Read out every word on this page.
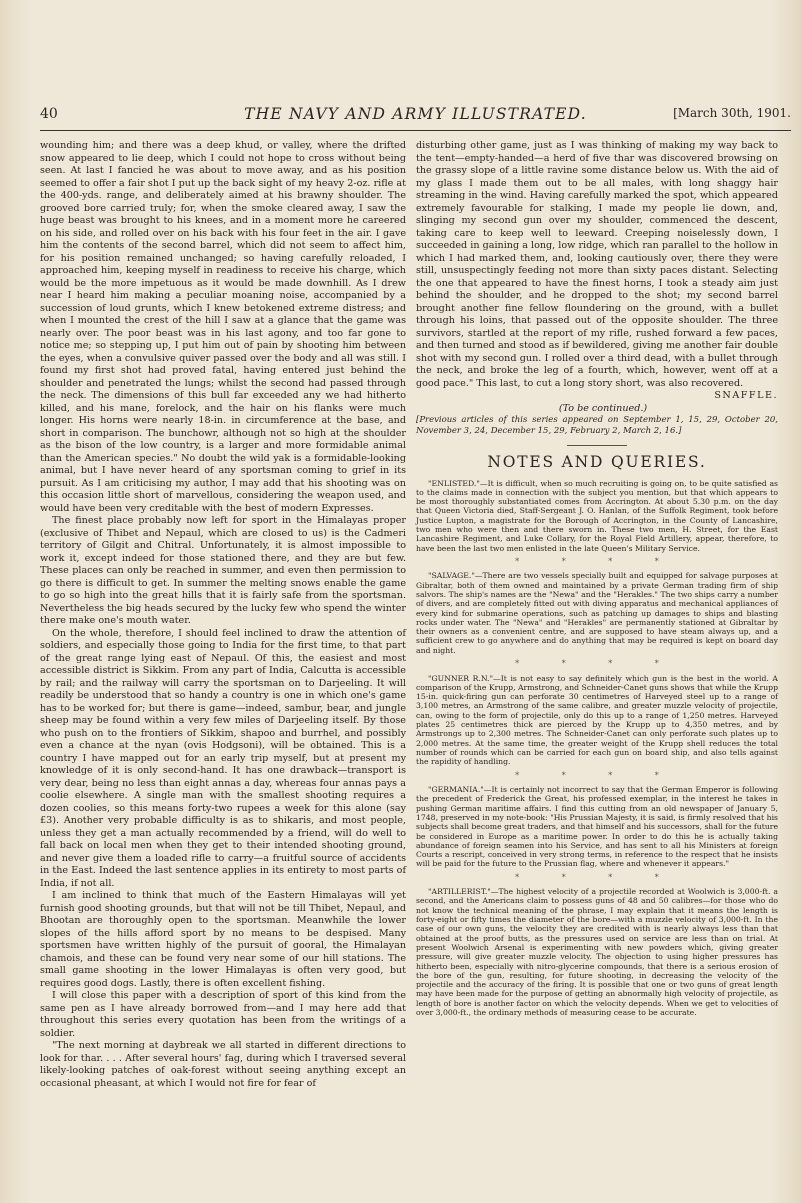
40	THE NAVY AND ARMY ILLUSTRATED.	[March 30th, 1901.

wounding him; and there was a deep khud, or valley, where the drifted snow appeared to lie deep, which I could not hope to cross without being seen. At last I fancied he was about to move away, and as his position seemed to offer a fair shot I put up the back sight of my heavy 2-oz. rifle at the 400-yds. range, and deliberately aimed at his brawny shoulder. The grooved bore carried truly; for, when the smoke cleared away, I saw the huge beast was brought to his knees, and in a moment more he careered on his side, and rolled over on his back with his four feet in the air. I gave him the contents of the second barrel, which did not seem to affect him, for his position remained unchanged; so having carefully reloaded, I approached him, keeping myself in readiness to receive his charge, which would be the more impetuous as it would be made downhill. As I drew near I heard him making a peculiar moaning noise, accompanied by a succession of loud grunts, which I knew betokened extreme distress; and when I mounted the crest of the hill I saw at a glance that the game was nearly over. The poor beast was in his last agony, and too far gone to notice me; so stepping up, I put him out of pain by shooting him between the eyes, when a convulsive quiver passed over the body and all was still. I found my first shot had proved fatal, having entered just behind the shoulder and penetrated the lungs; whilst the second had passed through the neck. The dimensions of this bull far exceeded any we had hitherto killed, and his mane, forelock, and the hair on his flanks were much longer. His horns were nearly 18-in. in circumference at the base, and short in comparison. The bunchowr, although not so high at the shoulder as the bison of the low country, is a larger and more formidable animal than the American species." No doubt the wild yak is a formidable-looking animal, but I have never heard of any sportsman coming to grief in its pursuit. As I am criticising my author, I may add that his shooting was on this occasion little short of marvellous, considering the weapon used, and would have been very creditable with the best of modern Expresses.

The finest place probably now left for sport in the Himalayas proper (exclusive of Thibet and Nepaul, which are closed to us) is the Cadmeri territory of Gilgit and Chitral. Unfortunately, it is almost impossible to work it, except indeed for those stationed there, and they are but few. These places can only be reached in summer, and even then permission to go there is difficult to get. In summer the melting snows enable the game to go so high into the great hills that it is fairly safe from the sportsman. Nevertheless the big heads secured by the lucky few who spend the winter there make one's mouth water.

On the whole, therefore, I should feel inclined to draw the attention of soldiers, and especially those going to India for the first time, to that part of the great range lying east of Nepaul. Of this, the easiest and most accessible district is Sikkim. From any part of India, Calcutta is accessible by rail; and the railway will carry the sportsman on to Darjeeling. It will readily be understood that so handy a country is one in which one's game has to be worked for; but there is game—indeed, sambur, bear, and jungle sheep may be found within a very few miles of Darjeeling itself. By those who push on to the frontiers of Sikkim, shapoo and burrhel, and possibly even a chance at the nyan (ovis Hodgsoni), will be obtained. This is a country I have mapped out for an early trip myself, but at present my knowledge of it is only second-hand. It has one drawback—transport is very dear, being no less than eight annas a day, whereas four annas pays a coolie elsewhere. A single man with the smallest shooting requires a dozen coolies, so this means forty-two rupees a week for this alone (say £3). Another very probable difficulty is as to shikaris, and most people, unless they get a man actually recommended by a friend, will do well to fall back on local men when they get to their intended shooting ground, and never give them a loaded rifle to carry—a fruitful source of accidents in the East. Indeed the last sentence applies in its entirety to most parts of India, if not all.

I am inclined to think that much of the Eastern Himalayas will yet furnish good shooting grounds, but that will not be till Thibet, Nepaul, and Bhootan are thoroughly open to the sportsman. Meanwhile the lower slopes of the hills afford sport by no means to be despised. Many sportsmen have written highly of the pursuit of gooral, the Himalayan chamois, and these can be found very near some of our hill stations. The small game shooting in the lower Himalayas is often very good, but requires good dogs. Lastly, there is often excellent fishing.

I will close this paper with a description of sport of this kind from the same pen as I have already borrowed from—and I may here add that throughout this series every quotation has been from the writings of a soldier.

"The next morning at daybreak we all started in different directions to look for thar. . . . After several hours' fag, during which I traversed several likely-looking patches of oak-forest without seeing anything except an occasional pheasant, at which I would not fire for fear of

disturbing other game, just as I was thinking of making my way back to the tent—empty-handed—a herd of five thar was discovered browsing on the grassy slope of a little ravine some distance below us. With the aid of my glass I made them out to be all males, with long shaggy hair streaming in the wind. Having carefully marked the spot, which appeared extremely favourable for stalking, I made my people lie down, and, slinging my second gun over my shoulder, commenced the descent, taking care to keep well to leeward. Creeping noiselessly down, I succeeded in gaining a long, low ridge, which ran parallel to the hollow in which I had marked them, and, looking cautiously over, there they were still, unsuspectingly feeding not more than sixty paces distant. Selecting the one that appeared to have the finest horns, I took a steady aim just behind the shoulder, and he dropped to the shot; my second barrel brought another fine fellow floundering on the ground, with a bullet through his loins, that passed out of the opposite shoulder. The three survivors, startled at the report of my rifle, rushed forward a few paces, and then turned and stood as if bewildered, giving me another fair double shot with my second gun. I rolled over a third dead, with a bullet through the neck, and broke the leg of a fourth, which, however, went off at a good pace." This last, to cut a long story short, was also recovered.

SNAFFLE.

(To be continued.)

[Previous articles of this series appeared on September 1, 15, 29, October 20, November 3, 24, December 15, 29, February 2, March 2, 16.]

NOTES AND QUERIES.

"ENLISTED."—It is difficult, when so much recruiting is going on, to be quite satisfied as to the claims made in connection with the subject you mention, but that which appears to be most thoroughly substantiated comes from Accrington. At about 5.30 p.m. on the day that Queen Victoria died, Staff-Sergeant J. O. Hanlan, of the Suffolk Regiment, took before Justice Lupton, a magistrate for the Borough of Accrington, in the County of Lancashire, two men who were then and there sworn in. These two men, H. Street, for the East Lancashire Regiment, and Luke Collary, for the Royal Field Artillery, appear, therefore, to have been the last two men enlisted in the late Queen's Military Service.

* * * *

"SALVAGE."—There are two vessels specially built and equipped for salvage purposes at Gibraltar, both of them owned and maintained by a private German trading firm of ship salvors. The ship's names are the "Newa" and the "Herakles." The two ships carry a number of divers, and are completely fitted out with diving apparatus and mechanical appliances of every kind for submarine operations, such as patching up damages to ships and blasting rocks under water. The "Newa" and "Herakles" are permanently stationed at Gibraltar by their owners as a convenient centre, and are supposed to have steam always up, and a sufficient crew to go anywhere and do anything that may be required is kept on board day and night.

* * * *

"GUNNER R.N."—It is not easy to say definitely which gun is the best in the world. A comparison of the Krupp, Armstrong, and Schneider-Canet guns shows that while the Krupp 15-in. quick-firing gun can perforate 30 centimetres of Harveyed steel up to a range of 3,100 metres, an Armstrong of the same calibre, and greater muzzle velocity of projectile, can, owing to the form of projectile, only do this up to a range of 1,250 metres. Harveyed plates 25 centimetres thick are pierced by the Krupp up to 4,350 metres, and by Armstrongs up to 2,300 metres. The Schneider-Canet can only perforate such plates up to 2,000 metres. At the same time, the greater weight of the Krupp shell reduces the total number of rounds which can be carried for each gun on board ship, and also tells against the rapidity of handling.

* * * *

"GERMANIA."—It is certainly not incorrect to say that the German Emperor is following the precedent of Frederick the Great, his professed exemplar, in the interest he takes in pushing German maritime affairs. I find this cutting from an old newspaper of January 5, 1748, preserved in my note-book: "His Prussian Majesty, it is said, is firmly resolved that his subjects shall become great traders, and that himself and his successors, shall for the future be considered in Europe as a maritime power. In order to do this he is actually taking abundance of foreign seamen into his Service, and has sent to all his Ministers at foreign Courts a rescript, conceived in very strong terms, in reference to the respect that he insists will be paid for the future to the Prussian flag, where and whenever it appears."

* * * *

"ARTILLERIST."—The highest velocity of a projectile recorded at Woolwich is 3,000-ft. a second, and the Americans claim to possess guns of 48 and 50 calibres—for those who do not know the technical meaning of the phrase, I may explain that it means the length is forty-eight or fifty times the diameter of the bore—with a muzzle velocity of 3,000-ft. In the case of our own guns, the velocity they are credited with is nearly always less than that obtained at the proof butts, as the pressures used on service are less than on trial. At present Woolwich Arsenal is experimenting with new powders which, giving greater pressure, will give greater muzzle velocity. The objection to using higher pressures has hitherto been, especially with nitro-glycerine compounds, that there is a serious erosion of the bore of the gun, resulting, for future shooting, in decreasing the velocity of the projectile and the accuracy of the firing. It is possible that one or two guns of great length may have been made for the purpose of getting an abnormally high velocity of projectile, as length of bore is another factor on which the velocity depends. When we get to velocities of over 3,000-ft., the ordinary methods of measuring cease to be accurate.
